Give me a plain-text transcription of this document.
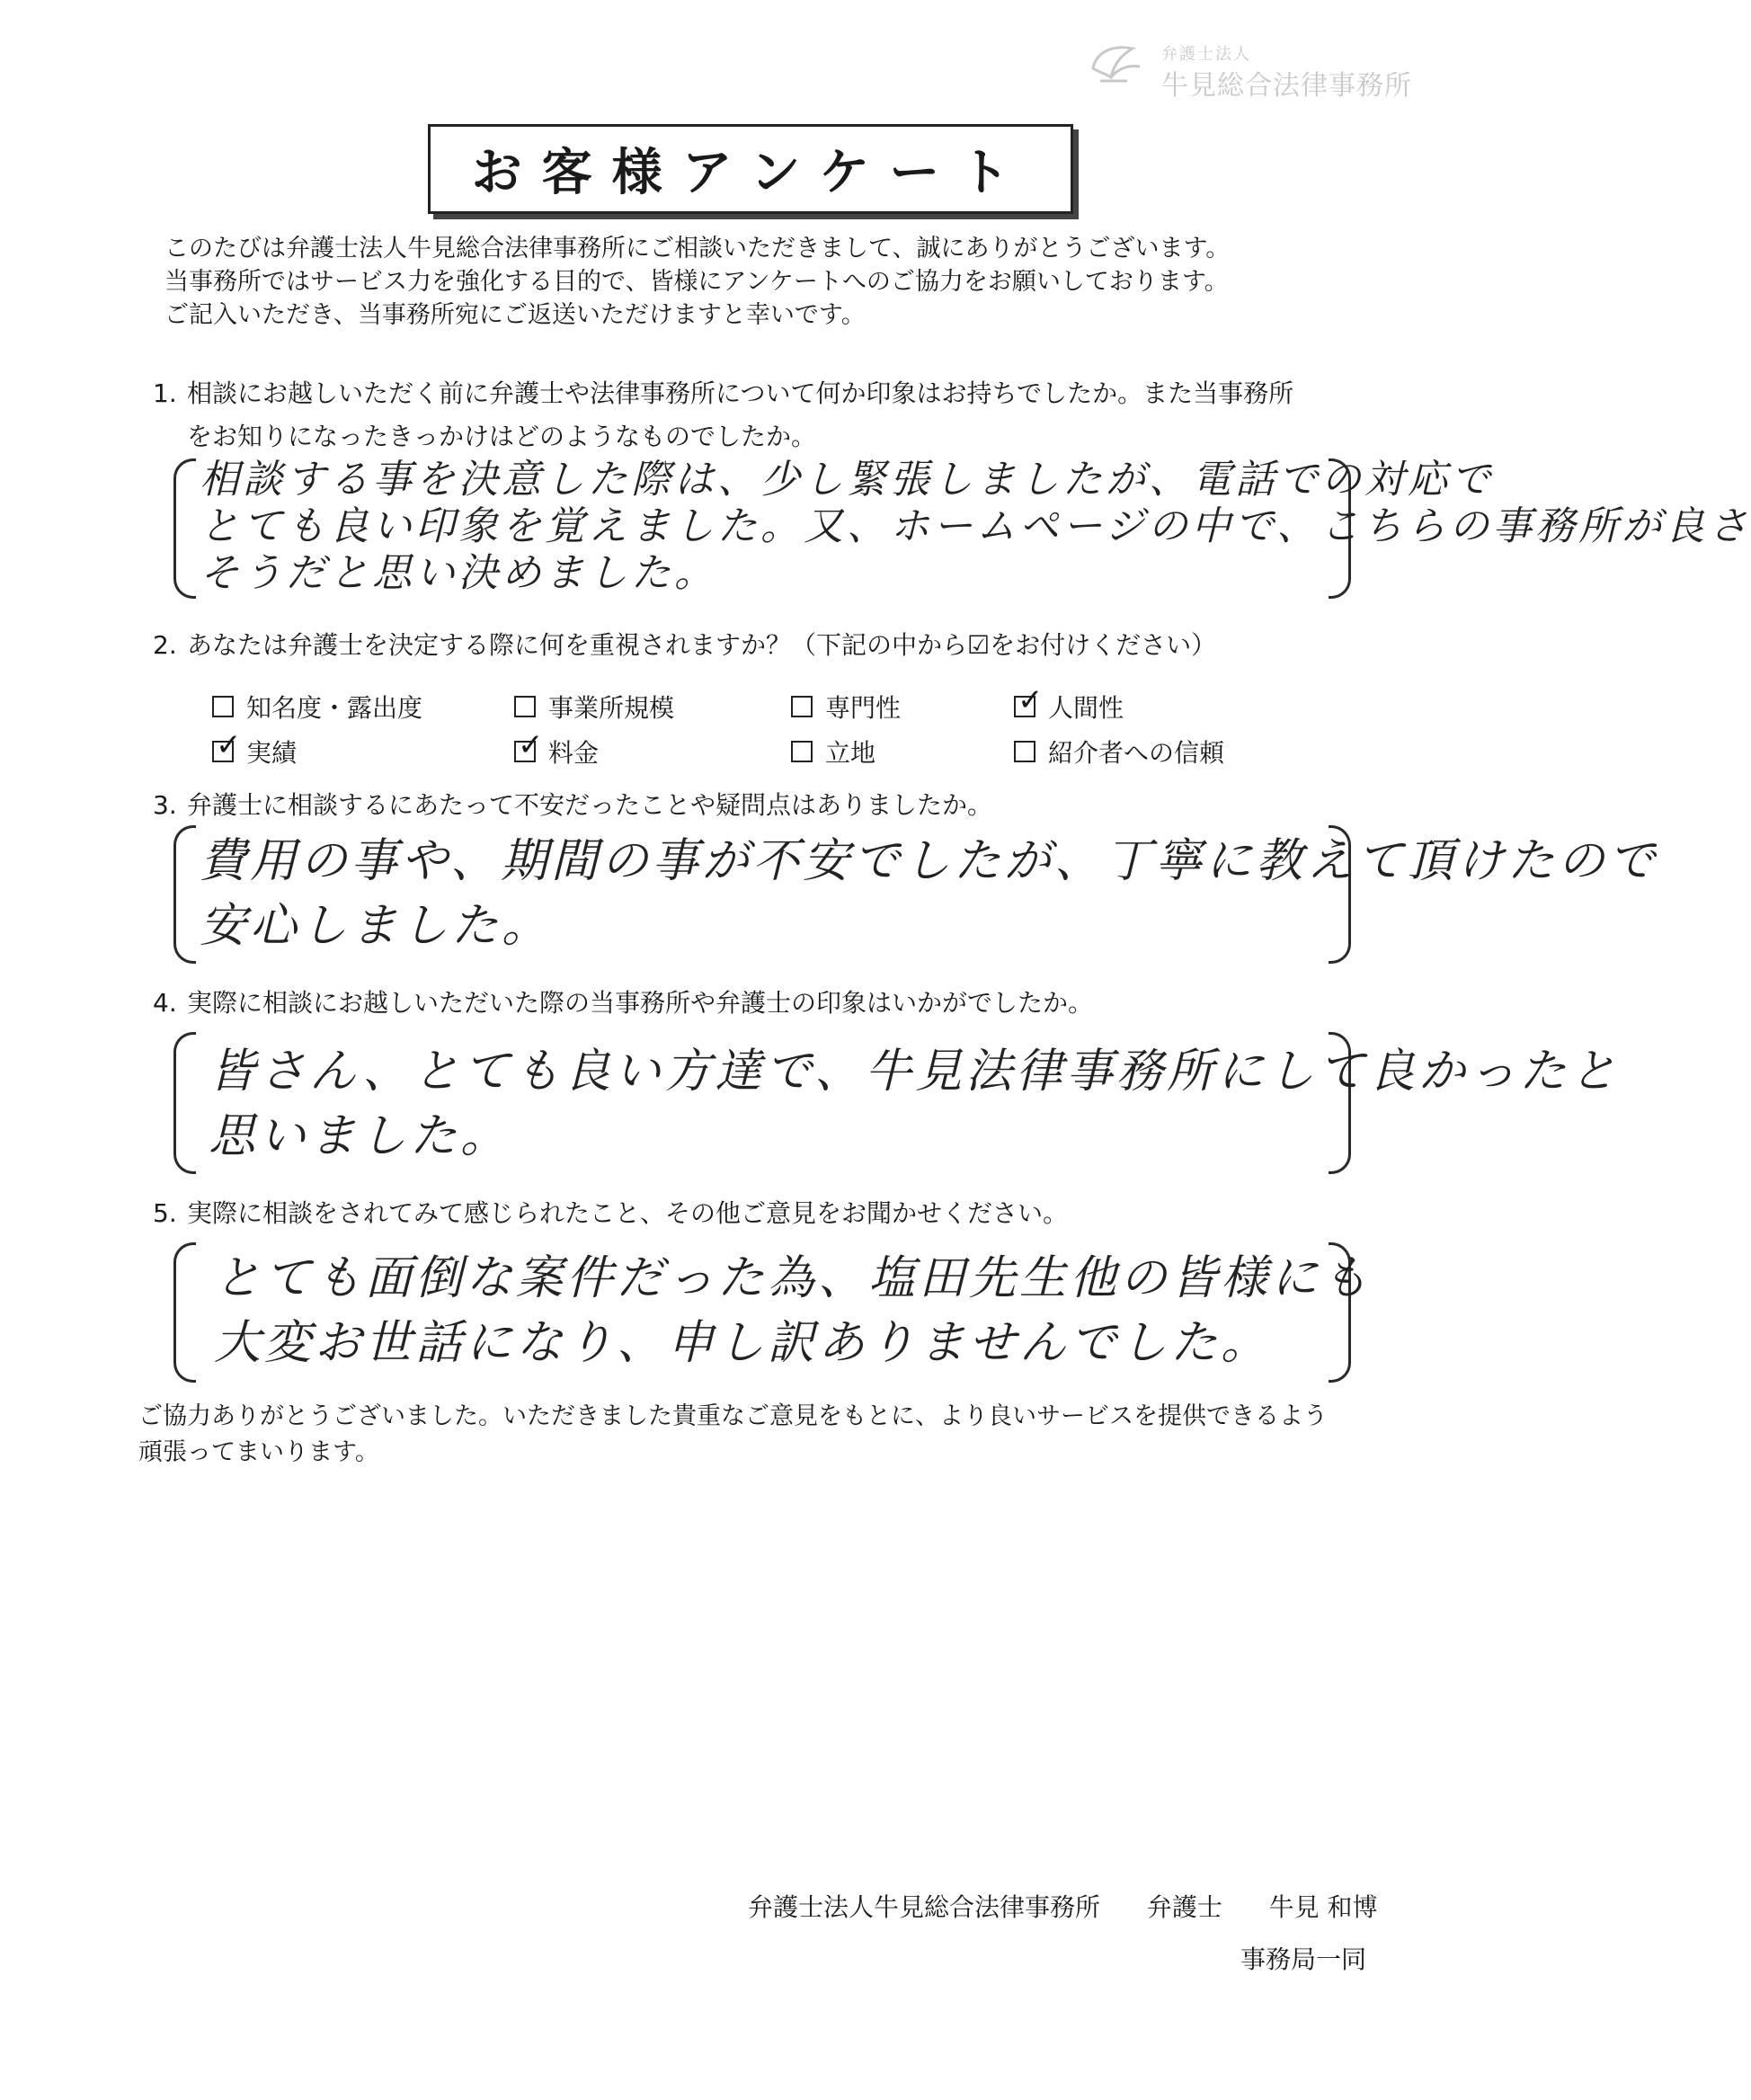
弁護士法人
牛見総合法律事務所
お客様アンケート
このたびは弁護士法人牛見総合法律事務所にご相談いただきまして、誠にありがとうございます。
当事務所ではサービス力を強化する目的で、皆様にアンケートへのご協力をお願いしております。
ご記入いただき、当事務所宛にご返送いただけますと幸いです。
1. 相談にお越しいただく前に弁護士や法律事務所について何か印象はお持ちでしたか。また当事務所
をお知りになったきっかけはどのようなものでしたか。
相談する事を決意した際は、少し緊張しましたが、電話での対応で
とても良い印象を覚えました。又、ホームページの中で、こちらの事務所が良さ
そうだと思い決めました。
2. あなたは弁護士を決定する際に何を重視されますか？（下記の中から☑をお付けください）
知名度・露出度	事業所規模	専門性	✓ 人間性
✓ 実績	✓ 料金	立地	紹介者への信頼
3. 弁護士に相談するにあたって不安だったことや疑問点はありましたか。
費用の事や、期間の事が不安でしたが、丁寧に教えて頂けたので
安心しました。
4. 実際に相談にお越しいただいた際の当事務所や弁護士の印象はいかがでしたか。
皆さん、とても良い方達で、牛見法律事務所にして良かったと
思いました。
5. 実際に相談をされてみて感じられたこと、その他ご意見をお聞かせください。
とても面倒な案件だった為、塩田先生他の皆様にも
大変お世話になり、申し訳ありませんでした。
ご協力ありがとうございました。いただきました貴重なご意見をもとに、より良いサービスを提供できるよう
頑張ってまいります。
弁護士法人牛見総合法律事務所 弁護士 牛見 和博
事務局一同
